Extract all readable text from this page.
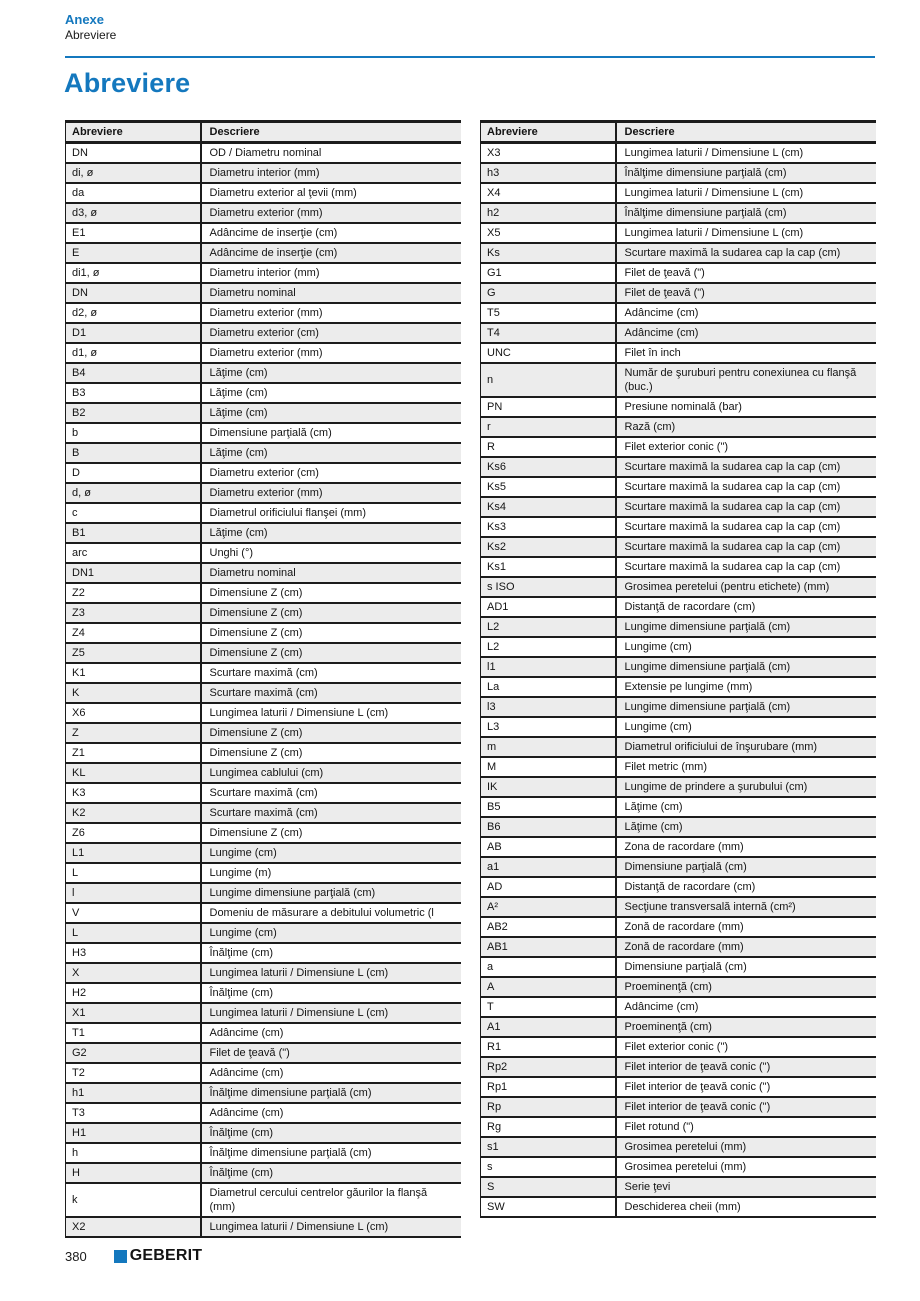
Anexe
Abreviere
Abreviere
Abreviere	Descriere
DN	OD / Diametru nominal
di, ø	Diametru interior (mm)
da	Diametru exterior al ţevii (mm)
d3, ø	Diametru exterior (mm)
E1	Adâncime de inserţie (cm)
E	Adâncime de inserţie (cm)
di1, ø	Diametru interior (mm)
DN	Diametru nominal
d2, ø	Diametru exterior (mm)
D1	Diametru exterior (cm)
d1, ø	Diametru exterior (mm)
B4	Lăţime (cm)
B3	Lăţime (cm)
B2	Lăţime (cm)
b	Dimensiune parţială (cm)
B	Lăţime (cm)
D	Diametru exterior (cm)
d, ø	Diametru exterior (mm)
c	Diametrul orificiului flanşei (mm)
B1	Lăţime (cm)
arc	Unghi (°)
DN1	Diametru nominal
Z2	Dimensiune Z (cm)
Z3	Dimensiune Z (cm)
Z4	Dimensiune Z (cm)
Z5	Dimensiune Z (cm)
K1	Scurtare maximă (cm)
K	Scurtare maximă (cm)
X6	Lungimea laturii / Dimensiune L (cm)
Z	Dimensiune Z (cm)
Z1	Dimensiune Z (cm)
KL	Lungimea cablului (cm)
K3	Scurtare maximă (cm)
K2	Scurtare maximă (cm)
Z6	Dimensiune Z (cm)
L1	Lungime (cm)
L	Lungime (m)
l	Lungime dimensiune parţială (cm)
V	Domeniu de măsurare a debitului volumetric (l
L	Lungime (cm)
H3	Înălţime (cm)
X	Lungimea laturii / Dimensiune L (cm)
H2	Înălţime (cm)
X1	Lungimea laturii / Dimensiune L (cm)
T1	Adâncime (cm)
G2	Filet de ţeavă (")
T2	Adâncime (cm)
h1	Înălţime dimensiune parţială (cm)
T3	Adâncime (cm)
H1	Înălţime (cm)
h	Înălţime dimensiune parţială (cm)
H	Înălţime (cm)
k	Diametrul cercului centrelor găurilor la flanşă (mm)
X2	Lungimea laturii / Dimensiune L (cm)
Abreviere	Descriere
X3	Lungimea laturii / Dimensiune L (cm)
h3	Înălţime dimensiune parţială (cm)
X4	Lungimea laturii / Dimensiune L (cm)
h2	Înălţime dimensiune parţială (cm)
X5	Lungimea laturii / Dimensiune L (cm)
Ks	Scurtare maximă la sudarea cap la cap (cm)
G1	Filet de ţeavă (")
G	Filet de ţeavă (")
T5	Adâncime (cm)
T4	Adâncime (cm)
UNC	Filet în inch
n	Număr de şuruburi pentru conexiunea cu flanşă (buc.)
PN	Presiune nominală (bar)
r	Rază (cm)
R	Filet exterior conic (")
Ks6	Scurtare maximă la sudarea cap la cap (cm)
Ks5	Scurtare maximă la sudarea cap la cap (cm)
Ks4	Scurtare maximă la sudarea cap la cap (cm)
Ks3	Scurtare maximă la sudarea cap la cap (cm)
Ks2	Scurtare maximă la sudarea cap la cap (cm)
Ks1	Scurtare maximă la sudarea cap la cap (cm)
s ISO	Grosimea peretelui (pentru etichete) (mm)
AD1	Distanţă de racordare (cm)
L2	Lungime dimensiune parţială (cm)
L2	Lungime (cm)
l1	Lungime dimensiune parţială (cm)
La	Extensie pe lungime (mm)
l3	Lungime dimensiune parţială (cm)
L3	Lungime (cm)
m	Diametrul orificiului de înşurubare (mm)
M	Filet metric (mm)
IK	Lungime de prindere a şurubului (cm)
B5	Lăţime (cm)
B6	Lăţime (cm)
AB	Zona de racordare (mm)
a1	Dimensiune parţială (cm)
AD	Distanţă de racordare (cm)
A²	Secţiune transversală internă (cm²)
AB2	Zonă de racordare (mm)
AB1	Zonă de racordare (mm)
a	Dimensiune parţială (cm)
A	Proeminenţă (cm)
T	Adâncime (cm)
A1	Proeminenţă (cm)
R1	Filet exterior conic (")
Rp2	Filet interior de ţeavă conic (")
Rp1	Filet interior de ţeavă conic (")
Rp	Filet interior de ţeavă conic (")
Rg	Filet rotund (")
s1	Grosimea peretelui (mm)
s	Grosimea peretelui (mm)
S	Serie ţevi
SW	Deschiderea cheii (mm)
380	GEBERIT
